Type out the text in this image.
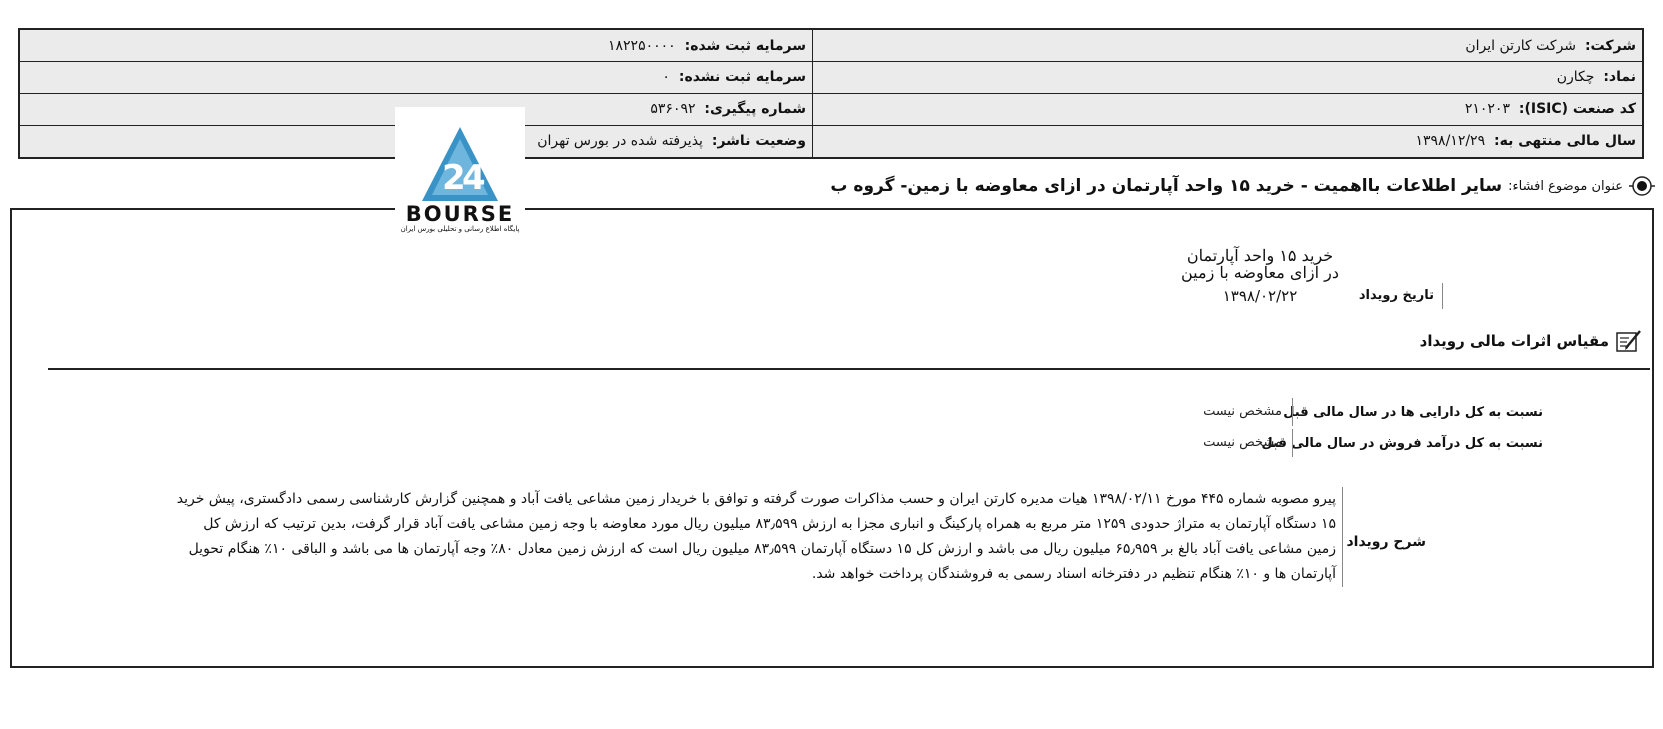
شرکت:  شرکت کارتن ایران	سرمایه ثبت شده:  ۱۸۲۲۵۰۰۰۰
نماد:  چکارن	سرمایه ثبت نشده:  ۰
کد صنعت (ISIC):  ۲۱۰۲۰۳	شماره پیگیری:  ۵۳۶۰۹۲
سال مالی منتهی به:  ۱۳۹۸/۱۲/۲۹	وضعیت ناشر:  پذیرفته شده در بورس تهران
2
4
BOURSE
پایگاه اطلاع رسانی و تحلیلی بورس ایران
عنوان موضوع افشاء:
سایر اطلاعات بااهمیت - خرید ۱۵ واحد آپارتمان در ازای معاوضه با زمین- گروه ب
خرید ۱۵ واحد آپارتمان
در ازای معاوضه با زمین
۱۳۹۸/۰۲/۲۲	تاریخ رویداد
مقیاس اثرات مالی رویداد
نسبت به کل دارایی ها در سال مالی قبل
مشخص نیست
نسبت به کل درآمد فروش در سال مالی قبل
مشخص نیست
شرح رویداد

پیرو مصوبه شماره ۴۴۵ مورخ ۱۳۹۸/۰۲/۱۱ هیات مدیره کارتن ایران و حسب مذاکرات صورت گرفته و توافق با خریدار زمین مشاعی یافت آباد و همچنین گزارش کارشناسی رسمی دادگستری، پیش خرید

۱۵ دستگاه آپارتمان به متراژ حدودی ۱۲۵۹ متر مربع به همراه پارکینگ و انباری مجزا به ارزش ۸۳٫۵۹۹ میلیون ریال مورد معاوضه با وجه زمین مشاعی یافت آباد قرار گرفت، بدین ترتیب که ارزش کل

زمین مشاعی یافت آباد بالغ بر ۶۵٫۹۵۹ میلیون ریال می باشد و ارزش کل ۱۵ دستگاه آپارتمان ۸۳٫۵۹۹ میلیون ریال است که ارزش زمین معادل ۸۰٪ وجه آپارتمان ها می باشد و الباقی ۱۰٪ هنگام تحویل

آپارتمان ها و ۱۰٪ هنگام تنظیم در دفترخانه اسناد رسمی به فروشندگان پرداخت خواهد شد.
